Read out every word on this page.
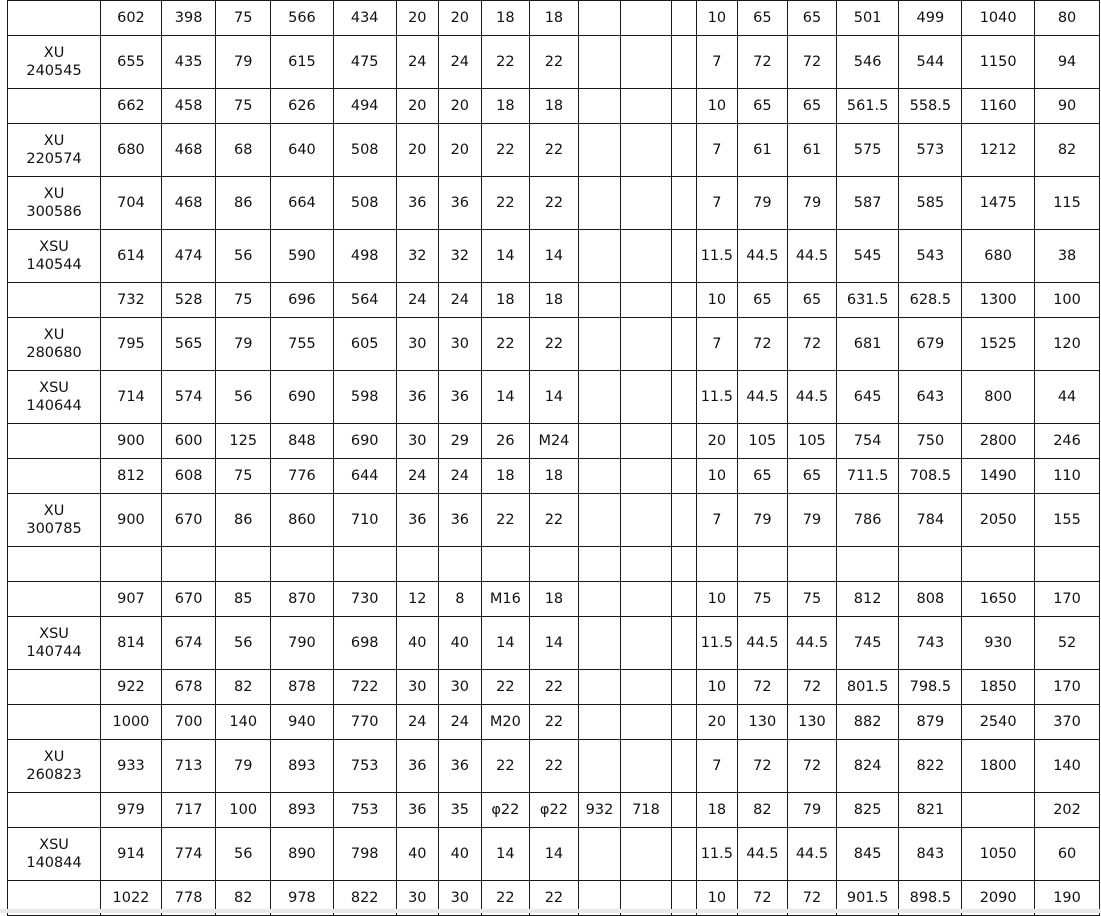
	602	398	75	566	434	20	20	18	18				10	65	65	501	499	1040	80

XU
240545	655	435	79	615	475	24	24	22	22				7	72	72	546	544	1150	94

	662	458	75	626	494	20	20	18	18				10	65	65	561.5	558.5	1160	90

XU
220574	680	468	68	640	508	20	20	22	22				7	61	61	575	573	1212	82

XU
300586	704	468	86	664	508	36	36	22	22				7	79	79	587	585	1475	115

XSU
140544	614	474	56	590	498	32	32	14	14				11.5	44.5	44.5	545	543	680	38

	732	528	75	696	564	24	24	18	18				10	65	65	631.5	628.5	1300	100

XU
280680	795	565	79	755	605	30	30	22	22				7	72	72	681	679	1525	120

XSU
140644	714	574	56	690	598	36	36	14	14				11.5	44.5	44.5	645	643	800	44

	900	600	125	848	690	30	29	26	M24				20	105	105	754	750	2800	246

	812	608	75	776	644	24	24	18	18				10	65	65	711.5	708.5	1490	110

XU
300785	900	670	86	860	710	36	36	22	22				7	79	79	786	784	2050	155

	907	670	85	870	730	12	8	M16	18				10	75	75	812	808	1650	170

XSU
140744	814	674	56	790	698	40	40	14	14				11.5	44.5	44.5	745	743	930	52

	922	678	82	878	722	30	30	22	22				10	72	72	801.5	798.5	1850	170

	1000	700	140	940	770	24	24	M20	22				20	130	130	882	879	2540	370

XU
260823	933	713	79	893	753	36	36	22	22				7	72	72	824	822	1800	140

	979	717	100	893	753	36	35	φ22	φ22	932	718		18	82	79	825	821		202

XSU
140844	914	774	56	890	798	40	40	14	14				11.5	44.5	44.5	845	843	1050	60

	1022	778	82	978	822	30	30	22	22				10	72	72	901.5	898.5	2090	190
